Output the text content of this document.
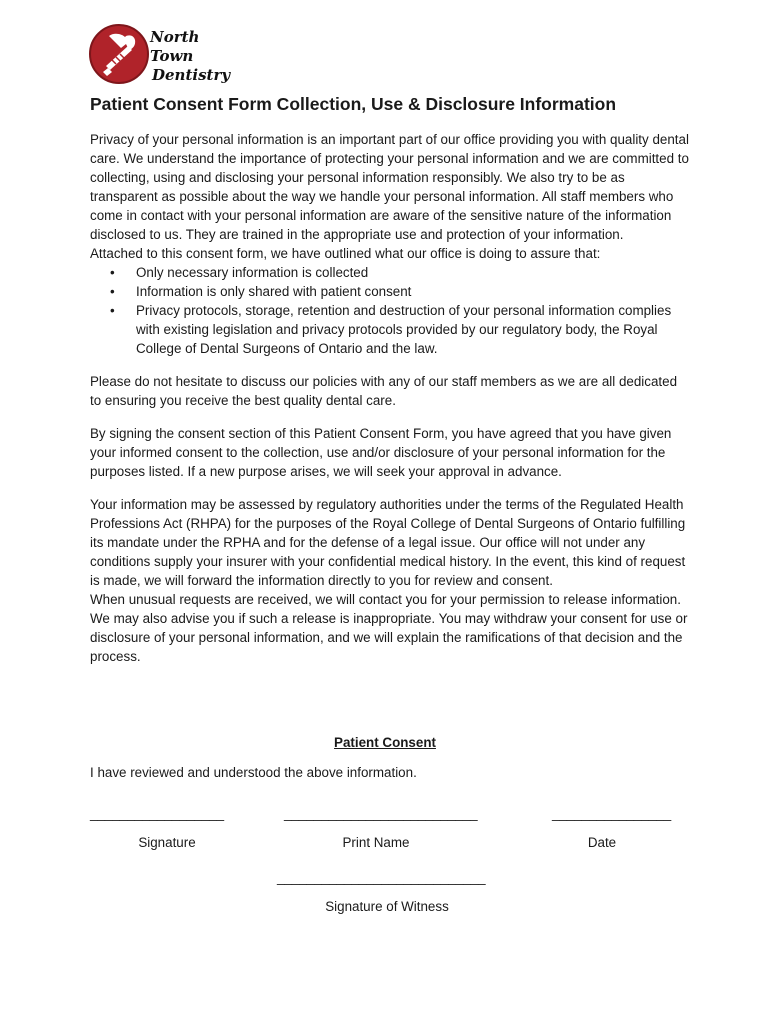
North Town
Dentistry
Patient Consent Form Collection, Use & Disclosure Information

Privacy of your personal information is an important part of our office providing you with quality dental care. We understand the importance of protecting your personal information and we are committed to collecting, using and disclosing your personal information responsibly. We also try to be as transparent as possible about the way we handle your personal information. All staff members who come in contact with your personal information are aware of the sensitive nature of the information disclosed to us. They are trained in the appropriate use and protection of your information.

Attached to this consent form, we have outlined what our office is doing to assure that:

• Only necessary information is collected
• Information is only shared with patient consent
• Privacy protocols, storage, retention and destruction of your personal information complies with existing legislation and privacy protocols provided by our regulatory body, the Royal College of Dental Surgeons of Ontario and the law.

Please do not hesitate to discuss our policies with any of our staff members as we are all dedicated to ensuring you receive the best quality dental care.

By signing the consent section of this Patient Consent Form, you have agreed that you have given your informed consent to the collection, use and/or disclosure of your personal information for the purposes listed. If a new purpose arises, we will seek your approval in advance.

Your information may be assessed by regulatory authorities under the terms of the Regulated Health Professions Act (RHPA) for the purposes of the Royal College of Dental Surgeons of Ontario fulfilling its mandate under the RPHA and for the defense of a legal issue. Our office will not under any conditions supply your insurer with your confidential medical history. In the event, this kind of request is made, we will forward the information directly to you for review and consent.

When unusual requests are received, we will contact you for your permission to release information. We may also advise you if such a release is inappropriate. You may withdraw your consent for use or disclosure of your personal information, and we will explain the ramifications of that decision and the process.

Patient Consent
I have reviewed and understood the above information.
__________________	__________________________	________________
Signature	Print Name	Date
____________________________
Signature of Witness
